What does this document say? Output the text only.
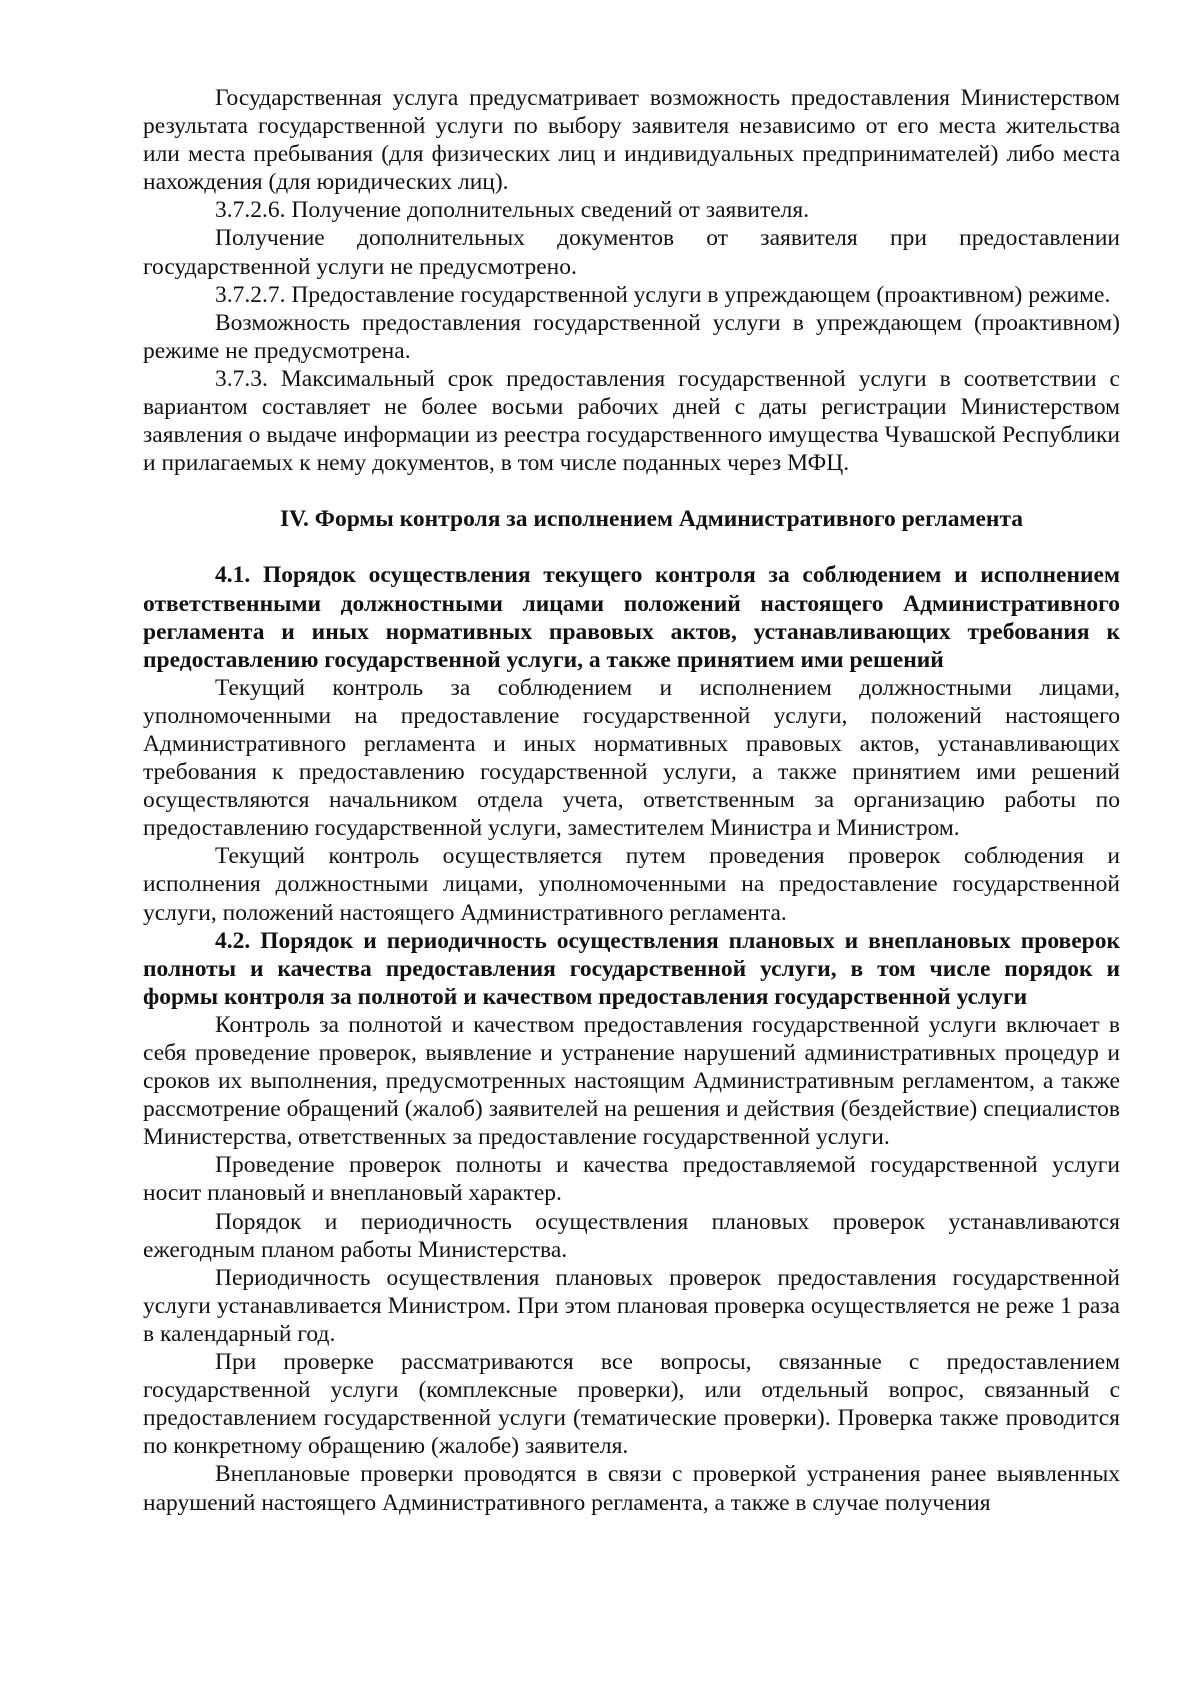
Государственная услуга предусматривает возможность предоставления Министерством результата государственной услуги по выбору заявителя независимо от его места жительства или места пребывания (для физических лиц и индивидуальных предпринимателей) либо места нахождения (для юридических лиц).

3.7.2.6. Получение дополнительных сведений от заявителя.

Получение дополнительных документов от заявителя при предоставлении государственной услуги не предусмотрено.

3.7.2.7. Предоставление государственной услуги в упреждающем (проактивном) режиме.

Возможность предоставления государственной услуги в упреждающем (проактивном) режиме не предусмотрена.

3.7.3. Максимальный срок предоставления государственной услуги в соответствии с вариантом составляет не более восьми рабочих дней с даты регистрации Министерством заявления о выдаче информации из реестра государственного имущества Чувашской Республики и прилагаемых к нему документов, в том числе поданных через МФЦ.

IV. Формы контроля за исполнением Административного регламента

4.1. Порядок осуществления текущего контроля за соблюдением и исполнением ответственными должностными лицами положений настоящего Административного регламента и иных нормативных правовых актов, устанавливающих требования к предоставлению государственной услуги, а также принятием ими решений

Текущий контроль за соблюдением и исполнением должностными лицами, уполномоченными на предоставление государственной услуги, положений настоящего Административного регламента и иных нормативных правовых актов, устанавливающих требования к предоставлению государственной услуги, а также принятием ими решений осуществляются начальником отдела учета, ответственным за организацию работы по предоставлению государственной услуги, заместителем Министра и Министром.

Текущий контроль осуществляется путем проведения проверок соблюдения и исполнения должностными лицами, уполномоченными на предоставление государственной услуги, положений настоящего Административного регламента.

4.2. Порядок и периодичность осуществления плановых и внеплановых проверок полноты и качества предоставления государственной услуги, в том числе порядок и формы контроля за полнотой и качеством предоставления государственной услуги

Контроль за полнотой и качеством предоставления государственной услуги включает в себя проведение проверок, выявление и устранение нарушений административных процедур и сроков их выполнения, предусмотренных настоящим Административным регламентом, а также рассмотрение обращений (жалоб) заявителей на решения и действия (бездействие) специалистов Министерства, ответственных за предоставление государственной услуги.

Проведение проверок полноты и качества предоставляемой государственной услуги носит плановый и внеплановый характер.

Порядок и периодичность осуществления плановых проверок устанавливаются ежегодным планом работы Министерства.

Периодичность осуществления плановых проверок предоставления государственной услуги устанавливается Министром. При этом плановая проверка осуществляется не реже 1 раза в календарный год.

При проверке рассматриваются все вопросы, связанные с предоставлением государственной услуги (комплексные проверки), или отдельный вопрос, связанный с предоставлением государственной услуги (тематические проверки). Проверка также проводится по конкретному обращению (жалобе) заявителя.

Внеплановые проверки проводятся в связи с проверкой устранения ранее выявленных нарушений настоящего Административного регламента, а также в случае получения
